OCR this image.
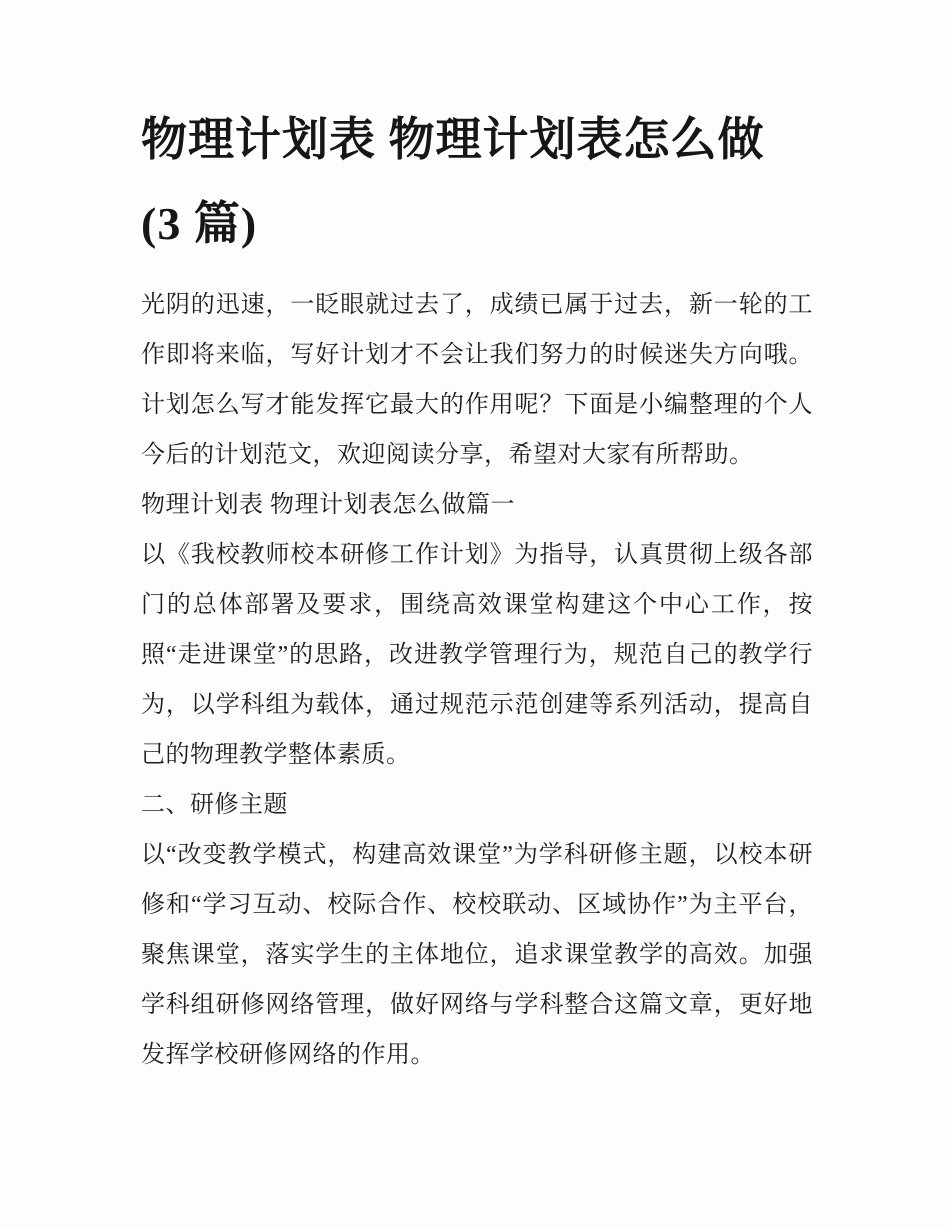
物理计划表 物理计划表怎么做
(3 篇)
光阴的迅速，一眨眼就过去了，成绩已属于过去，新一轮的工
作即将来临，写好计划才不会让我们努力的时候迷失方向哦。
计划怎么写才能发挥它最大的作用呢？下面是小编整理的个人
今后的计划范文，欢迎阅读分享，希望对大家有所帮助。
物理计划表 物理计划表怎么做篇一
以《我校教师校本研修工作计划》为指导，认真贯彻上级各部
门的总体部署及要求，围绕高效课堂构建这个中心工作，按
照“走进课堂”的思路，改进教学管理行为，规范自己的教学行
为，以学科组为载体，通过规范示范创建等系列活动，提高自
己的物理教学整体素质。
二、研修主题
以“改变教学模式，构建高效课堂”为学科研修主题，以校本研
修和“学习互动、校际合作、校校联动、区域协作”为主平台，
聚焦课堂，落实学生的主体地位，追求课堂教学的高效。加强
学科组研修网络管理，做好网络与学科整合这篇文章，更好地
发挥学校研修网络的作用。
